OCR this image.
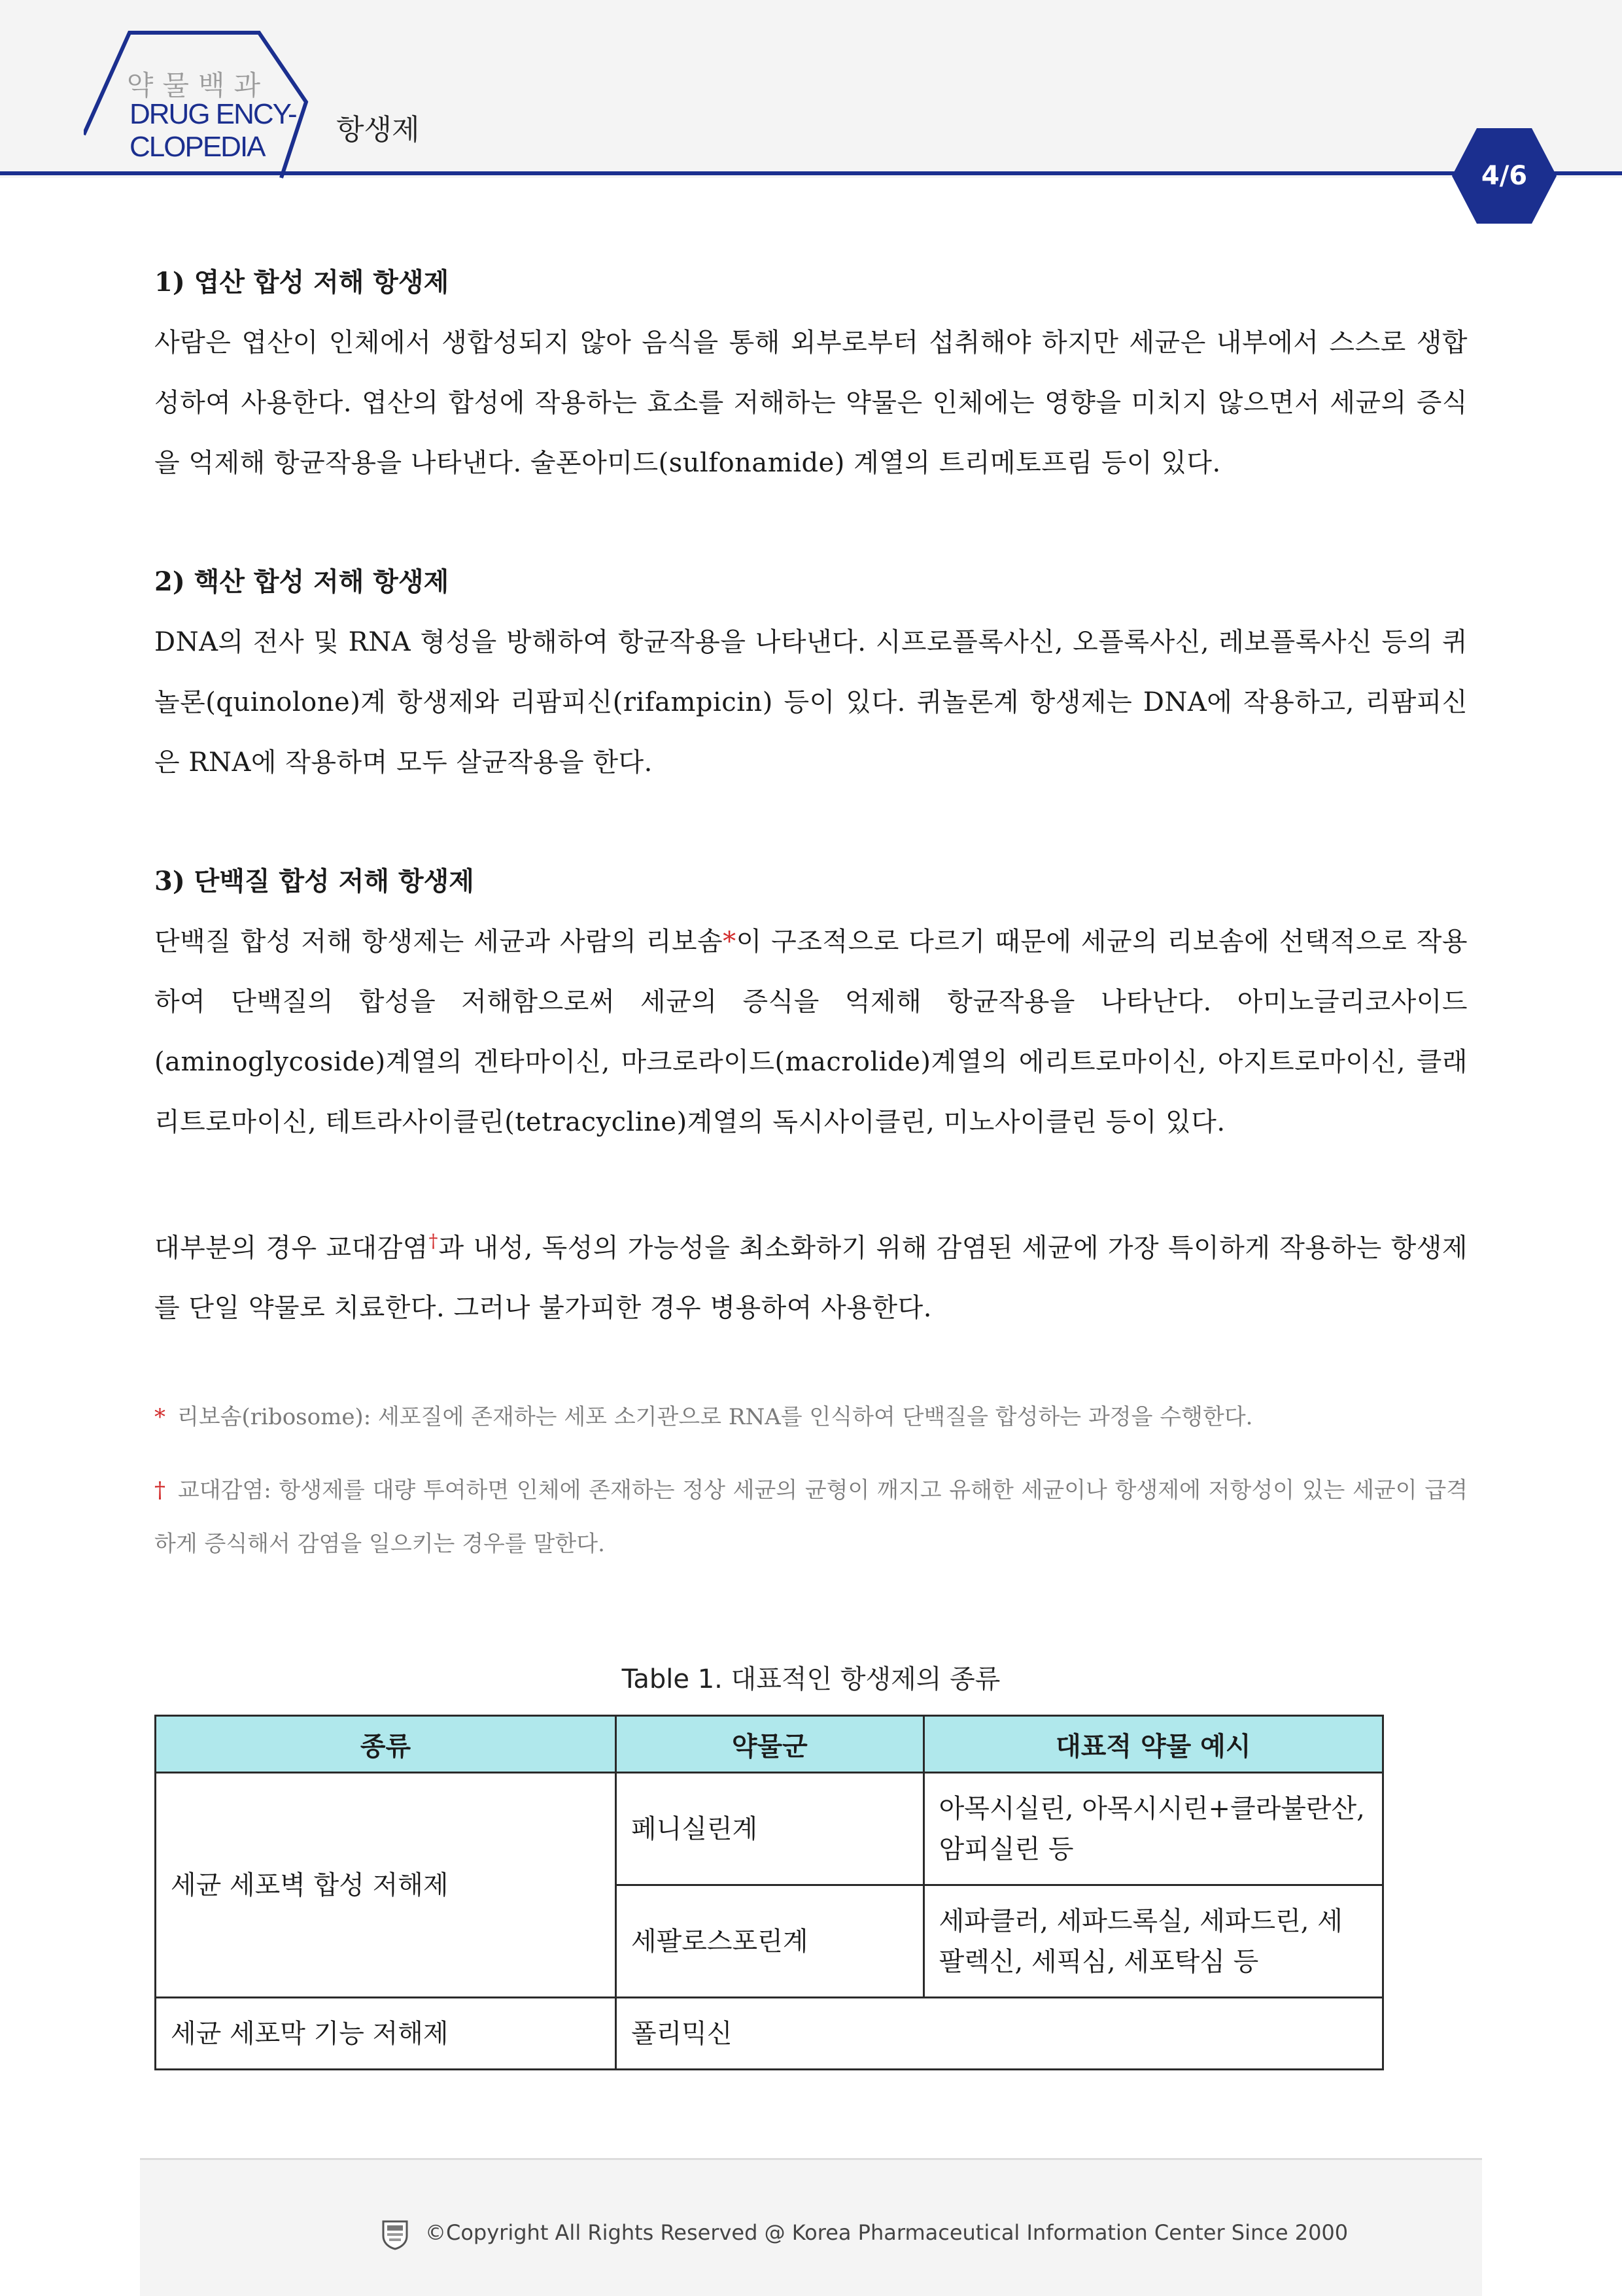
약물백과
DRUG ENCY-
CLOPEDIA
항생제
4/6

1) 엽산 합성 저해 항생제

사람은 엽산이 인체에서 생합성되지 않아 음식을 통해 외부로부터 섭취해야 하지만 세균은 내부에서 스스로 생합성하여 사용한다. 엽산의 합성에 작용하는 효소를 저해하는 약물은 인체에는 영향을 미치지 않으면서 세균의 증식을 억제해 항균작용을 나타낸다. 술폰아미드(sulfonamide) 계열의 트리메토프림 등이 있다.

2) 핵산 합성 저해 항생제

DNA의 전사 및 RNA 형성을 방해하여 항균작용을 나타낸다. 시프로플록사신, 오플록사신, 레보플록사신 등의 퀴놀론(quinolone)계 항생제와 리팜피신(rifampicin) 등이 있다. 퀴놀론계 항생제는 DNA에 작용하고, 리팜피신은 RNA에 작용하며 모두 살균작용을 한다.

3) 단백질 합성 저해 항생제

단백질 합성 저해 항생제는 세균과 사람의 리보솜*이 구조적으로 다르기 때문에 세균의 리보솜에 선택적으로 작용하여 단백질의 합성을 저해함으로써 세균의 증식을 억제해 항균작용을 나타난다. 아미노글리코사이드(aminoglycoside)계열의 겐타마이신, 마크로라이드(macrolide)계열의 에리트로마이신, 아지트로마이신, 클래리트로마이신, 테트라사이클린(tetracycline)계열의 독시사이클린, 미노사이클린 등이 있다.

대부분의 경우 교대감염†과 내성, 독성의 가능성을 최소화하기 위해 감염된 세균에 가장 특이하게 작용하는 항생제를 단일 약물로 치료한다. 그러나 불가피한 경우 병용하여 사용한다.

* 리보솜(ribosome): 세포질에 존재하는 세포 소기관으로 RNA를 인식하여 단백질을 합성하는 과정을 수행한다.

† 교대감염: 항생제를 대량 투여하면 인체에 존재하는 정상 세균의 균형이 깨지고 유해한 세균이나 항생제에 저항성이 있는 세균이 급격하게 증식해서 감염을 일으키는 경우를 말한다.

Table 1. 대표적인 항생제의 종류
종류	약물군	대표적 약물 예시
세균 세포벽 합성 저해제	페니실린계	아목시실린, 아목시시린+클라불란산, 암피실린 등
	세팔로스포린계	세파클러, 세파드록실, 세파드린, 세팔렉신, 세픽심, 세포탁심 등
세균 세포막 기능 저해제	폴리믹신	
©Copyright All Rights Reserved @ Korea Pharmaceutical Information Center Since 2000
